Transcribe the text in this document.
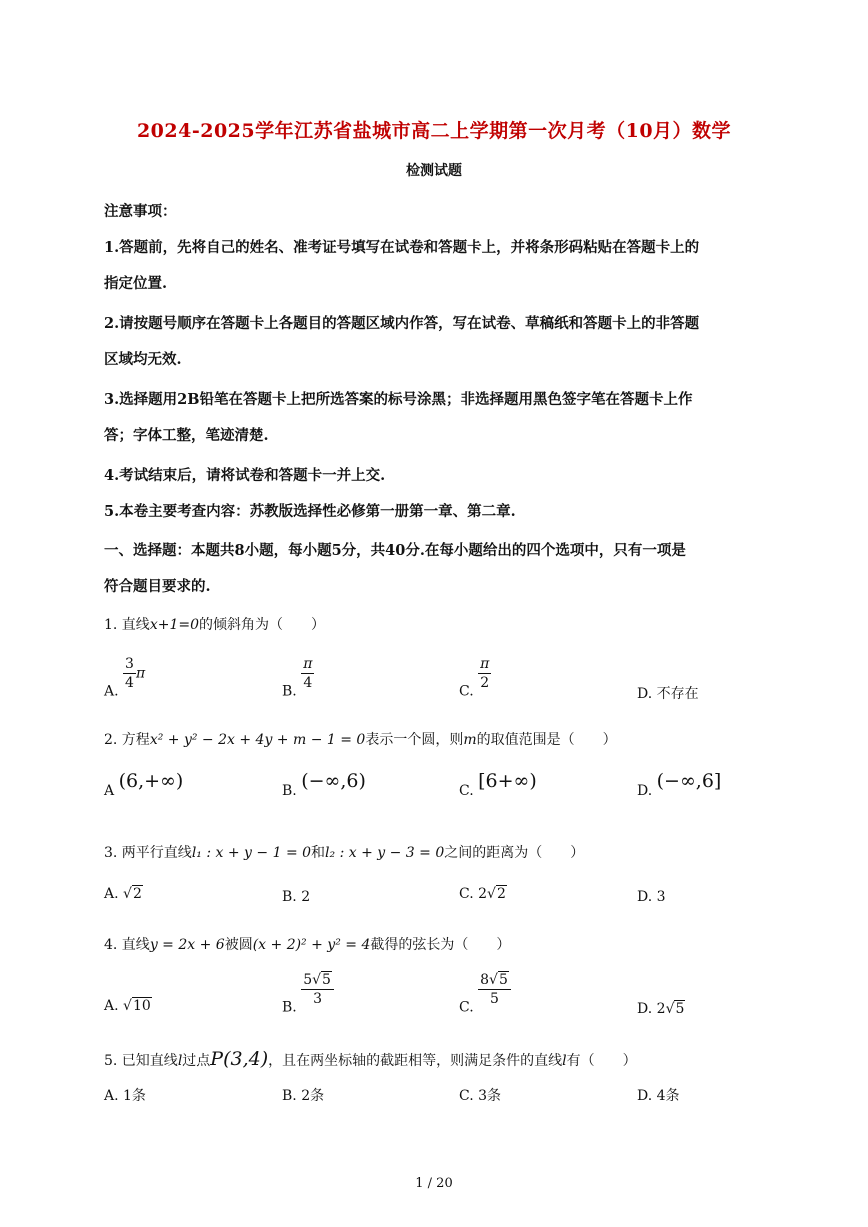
2024-2025学年江苏省盐城市高二上学期第一次月考（10月）数学
检测试题
注意事项：
1.答题前，先将自己的姓名、准考证号填写在试卷和答题卡上，并将条形码粘贴在答题卡上的
指定位置.
2.请按题号顺序在答题卡上各题目的答题区域内作答，写在试卷、草稿纸和答题卡上的非答题
区域均无效.
3.选择题用2B铅笔在答题卡上把所选答案的标号涂黑；非选择题用黑色签字笔在答题卡上作
答；字体工整，笔迹清楚.
4.考试结束后，请将试卷和答题卡一并上交.
5.本卷主要考查内容：苏教版选择性必修第一册第一章、第二章.
一、选择题：本题共8小题，每小题5分，共40分.在每小题给出的四个选项中，只有一项是
符合题目要求的.
1. 直线x+1=0的倾斜角为（　　）
A.
$\frac{3}{4}$ π
B.
$\frac{\pi}{4}$
C.
$\frac{\pi}{2}$
D. 不存在
2. 方程x² + y² − 2x + 4y + m − 1 = 0表示一个圆，则m的取值范围是（　　）
A (6,+∞)	B. (−∞,6)	C. [6+∞)	D. (−∞,6]
3. 两平行直线l₁ : x + y − 1 = 0和l₂ : x + y − 3 = 0之间的距离为（　　）
A. √2	B. 2	C. 2√2	D. 3
4. 直线y = 2x + 6被圆(x + 2)² + y² = 4截得的弦长为（　　）
A. √10	B.
$\frac{5√5}{3}$
C.
$\frac{8√5}{5}$
D. 2√5
5. 已知直线l过点P(3,4)，且在两坐标轴的截距相等，则满足条件的直线l有（　　）
A. 1条	B. 2条	C. 3条	D. 4条
1 / 20
